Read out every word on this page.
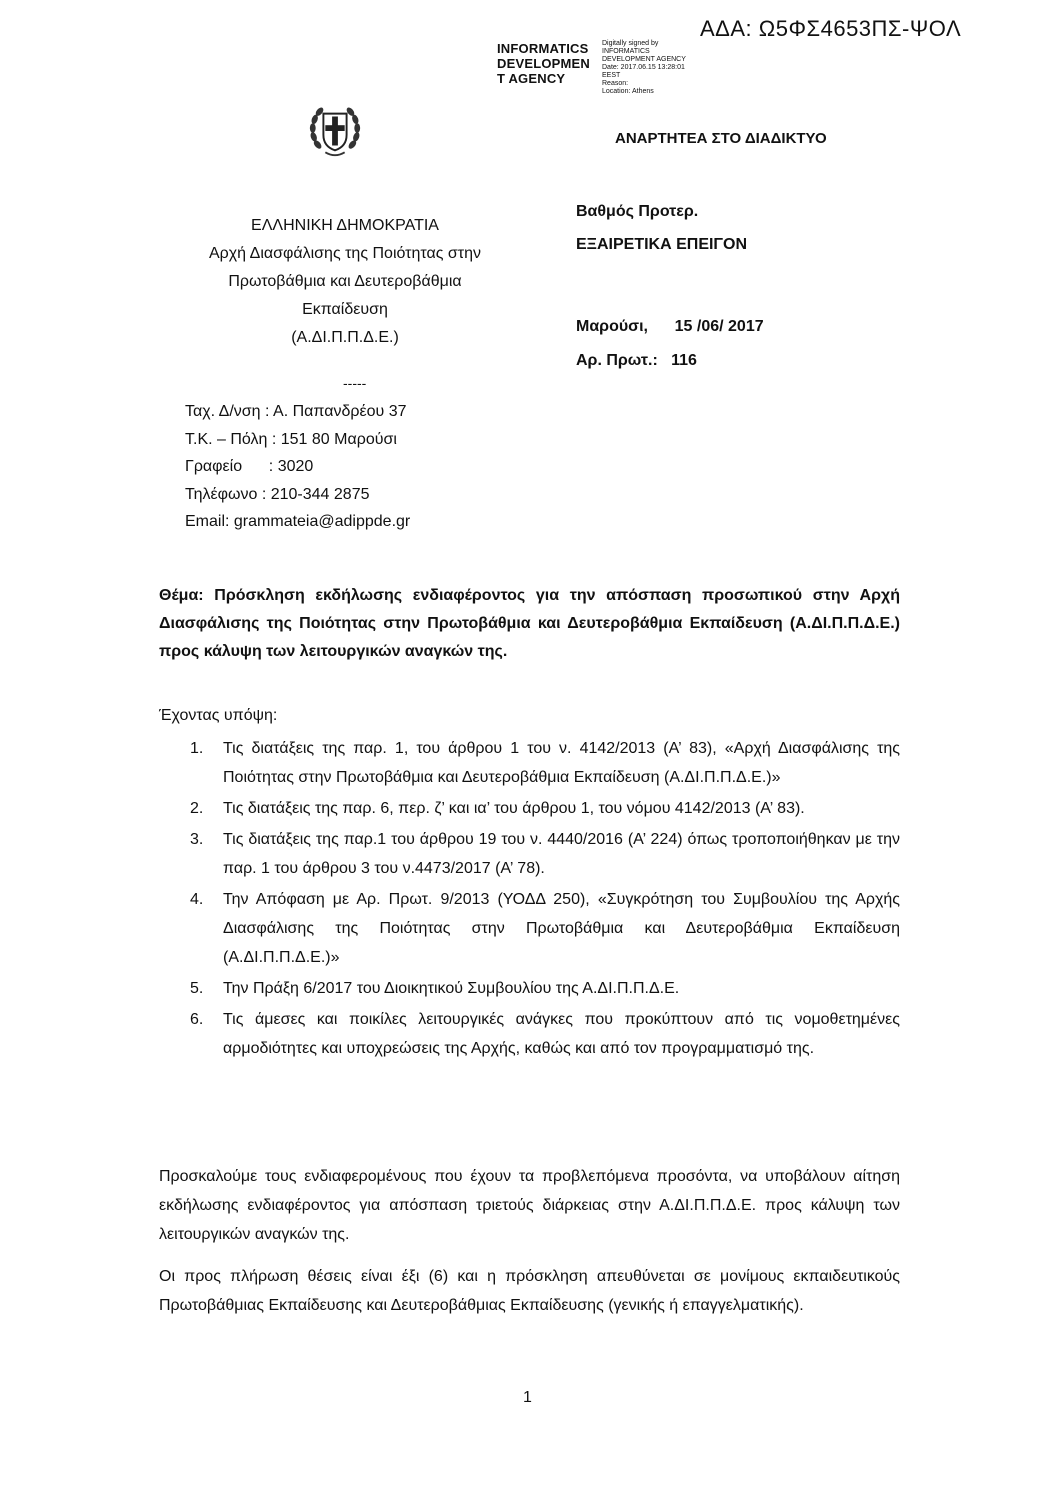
ΑΔΑ: Ω5ΦΣ4653ΠΣ-ΨΟΛ
INFORMATICS
DEVELOPMEN
T AGENCY
Digitally signed by
INFORMATICS
DEVELOPMENT AGENCY
Date: 2017.06.15 13:28:01
EEST
Reason:
Location: Athens
ΑΝΑΡΤΗΤΕΑ ΣΤΟ ΔΙΑΔΙΚΤΥΟ
ΕΛΛΗΝΙΚΗ ΔΗΜΟΚΡΑΤΙΑ
Αρχή Διασφάλισης της Ποιότητας στην
Πρωτοβάθμια και Δευτεροβάθμια
Εκπαίδευση
(Α.ΔΙ.Π.Π.Δ.Ε.)
-----
Ταχ. Δ/νση : Α. Παπανδρέου 37
Τ.Κ. – Πόλη : 151 80 Μαρούσι
Γραφείο      : 3020
Τηλέφωνο : 210-344 2875
Email: grammateia@adippde.gr
Βαθμός Προτερ.
ΕΞΑΙΡΕΤΙΚΑ ΕΠΕΙΓΟΝ
Μαρούσι,      15 /06/ 2017
Αρ. Πρωτ.:   116
Θέμα: Πρόσκληση εκδήλωσης ενδιαφέροντος για την απόσπαση προσωπικού στην Αρχή Διασφάλισης της Ποιότητας στην Πρωτοβάθμια και Δευτεροβάθμια Εκπαίδευση (Α.ΔΙ.Π.Π.Δ.Ε.) προς κάλυψη των λειτουργικών αναγκών της.
Έχοντας υπόψη:
1.	Τις διατάξεις της παρ. 1, του άρθρου 1 του ν. 4142/2013 (Α’ 83), «Αρχή Διασφάλισης της Ποιότητας στην Πρωτοβάθμια και Δευτεροβάθμια Εκπαίδευση (Α.ΔΙ.Π.Π.Δ.Ε.)»
2.	Τις διατάξεις της παρ. 6, περ. ζ’ και ια’ του άρθρου 1, του νόμου 4142/2013 (Α’ 83).
3.	Τις διατάξεις της παρ.1 του άρθρου 19 του ν. 4440/2016 (Α’ 224) όπως τροποποιήθηκαν με την παρ. 1 του άρθρου 3 του ν.4473/2017 (Α’ 78).
4.	Την Απόφαση με Αρ. Πρωτ. 9/2013 (ΥΟΔΔ 250), «Συγκρότηση του Συμβουλίου της Αρχής Διασφάλισης της Ποιότητας στην Πρωτοβάθμια και Δευτεροβάθμια Εκπαίδευση (Α.ΔΙ.Π.Π.Δ.Ε.)»
5.	Την Πράξη 6/2017 του Διοικητικού Συμβουλίου της Α.ΔΙ.Π.Π.Δ.Ε.
6.	Τις άμεσες και ποικίλες λειτουργικές ανάγκες που προκύπτουν από τις νομοθετημένες αρμοδιότητες και υποχρεώσεις της Αρχής, καθώς και από τον προγραμματισμό της.
Προσκαλούμε τους ενδιαφερομένους που έχουν τα προβλεπόμενα προσόντα, να υποβάλουν αίτηση εκδήλωσης ενδιαφέροντος για απόσπαση τριετούς διάρκειας στην Α.ΔΙ.Π.Π.Δ.Ε. προς κάλυψη των λειτουργικών αναγκών της.
Οι προς πλήρωση θέσεις είναι έξι (6) και η πρόσκληση απευθύνεται σε μονίμους εκπαιδευτικούς Πρωτοβάθμιας Εκπαίδευσης και Δευτεροβάθμιας Εκπαίδευσης (γενικής ή επαγγελματικής).
1
